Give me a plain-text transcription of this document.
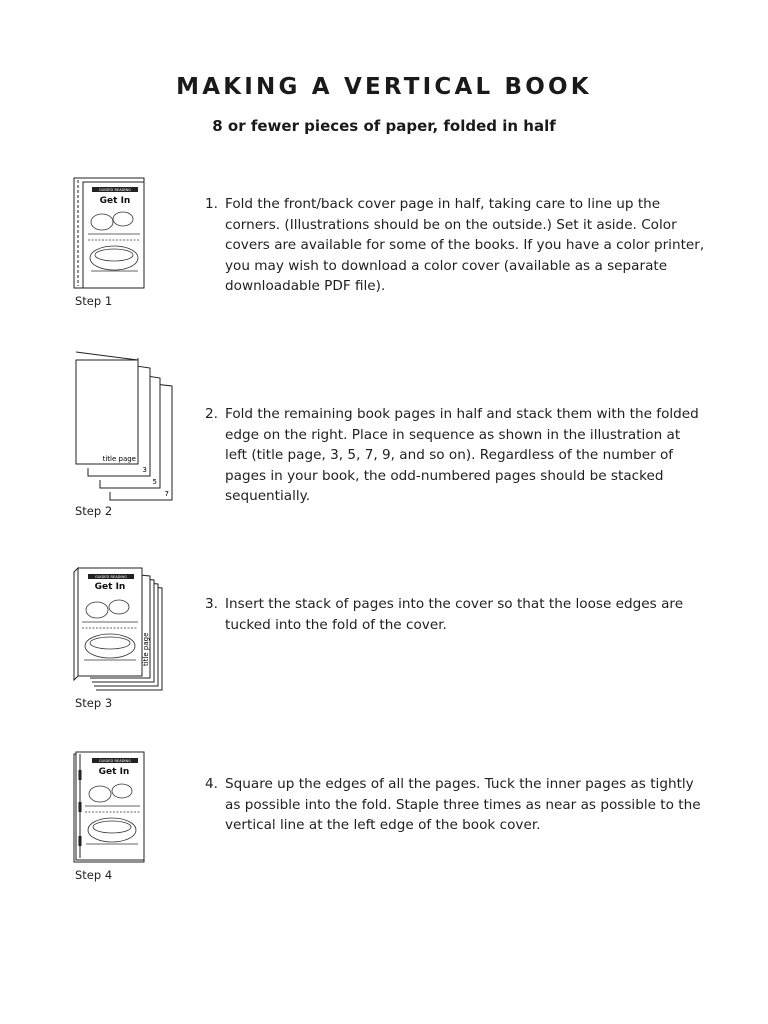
MAKING A VERTICAL BOOK
8 or fewer pieces of paper, folded in half
GUIDED READING
Get In
Step 1

1. Fold the front/back cover page in half, taking care to line up the corners. (Illustrations should be on the outside.) Set it aside. Color covers are available for some of the books. If you have a color printer, you may wish to download a color cover (available as a separate downloadable PDF file).

7
5
3
title page
Step 2

2. Fold the remaining book pages in half and stack them with the folded edge on the right. Place in sequence as shown in the illustration at left (title page, 3, 5, 7, 9, and so on). Regardless of the number of pages in your book, the odd-numbered pages should be stacked sequentially.

title page
GUIDED READING
Get In
Step 3

3. Insert the stack of pages into the cover so that the loose edges are tucked into the fold of the cover.

GUIDED READING
Get In
Step 4

4. Square up the edges of all the pages. Tuck the inner pages as tightly as possible into the fold. Staple three times as near as possible to the vertical line at the left edge of the book cover.
